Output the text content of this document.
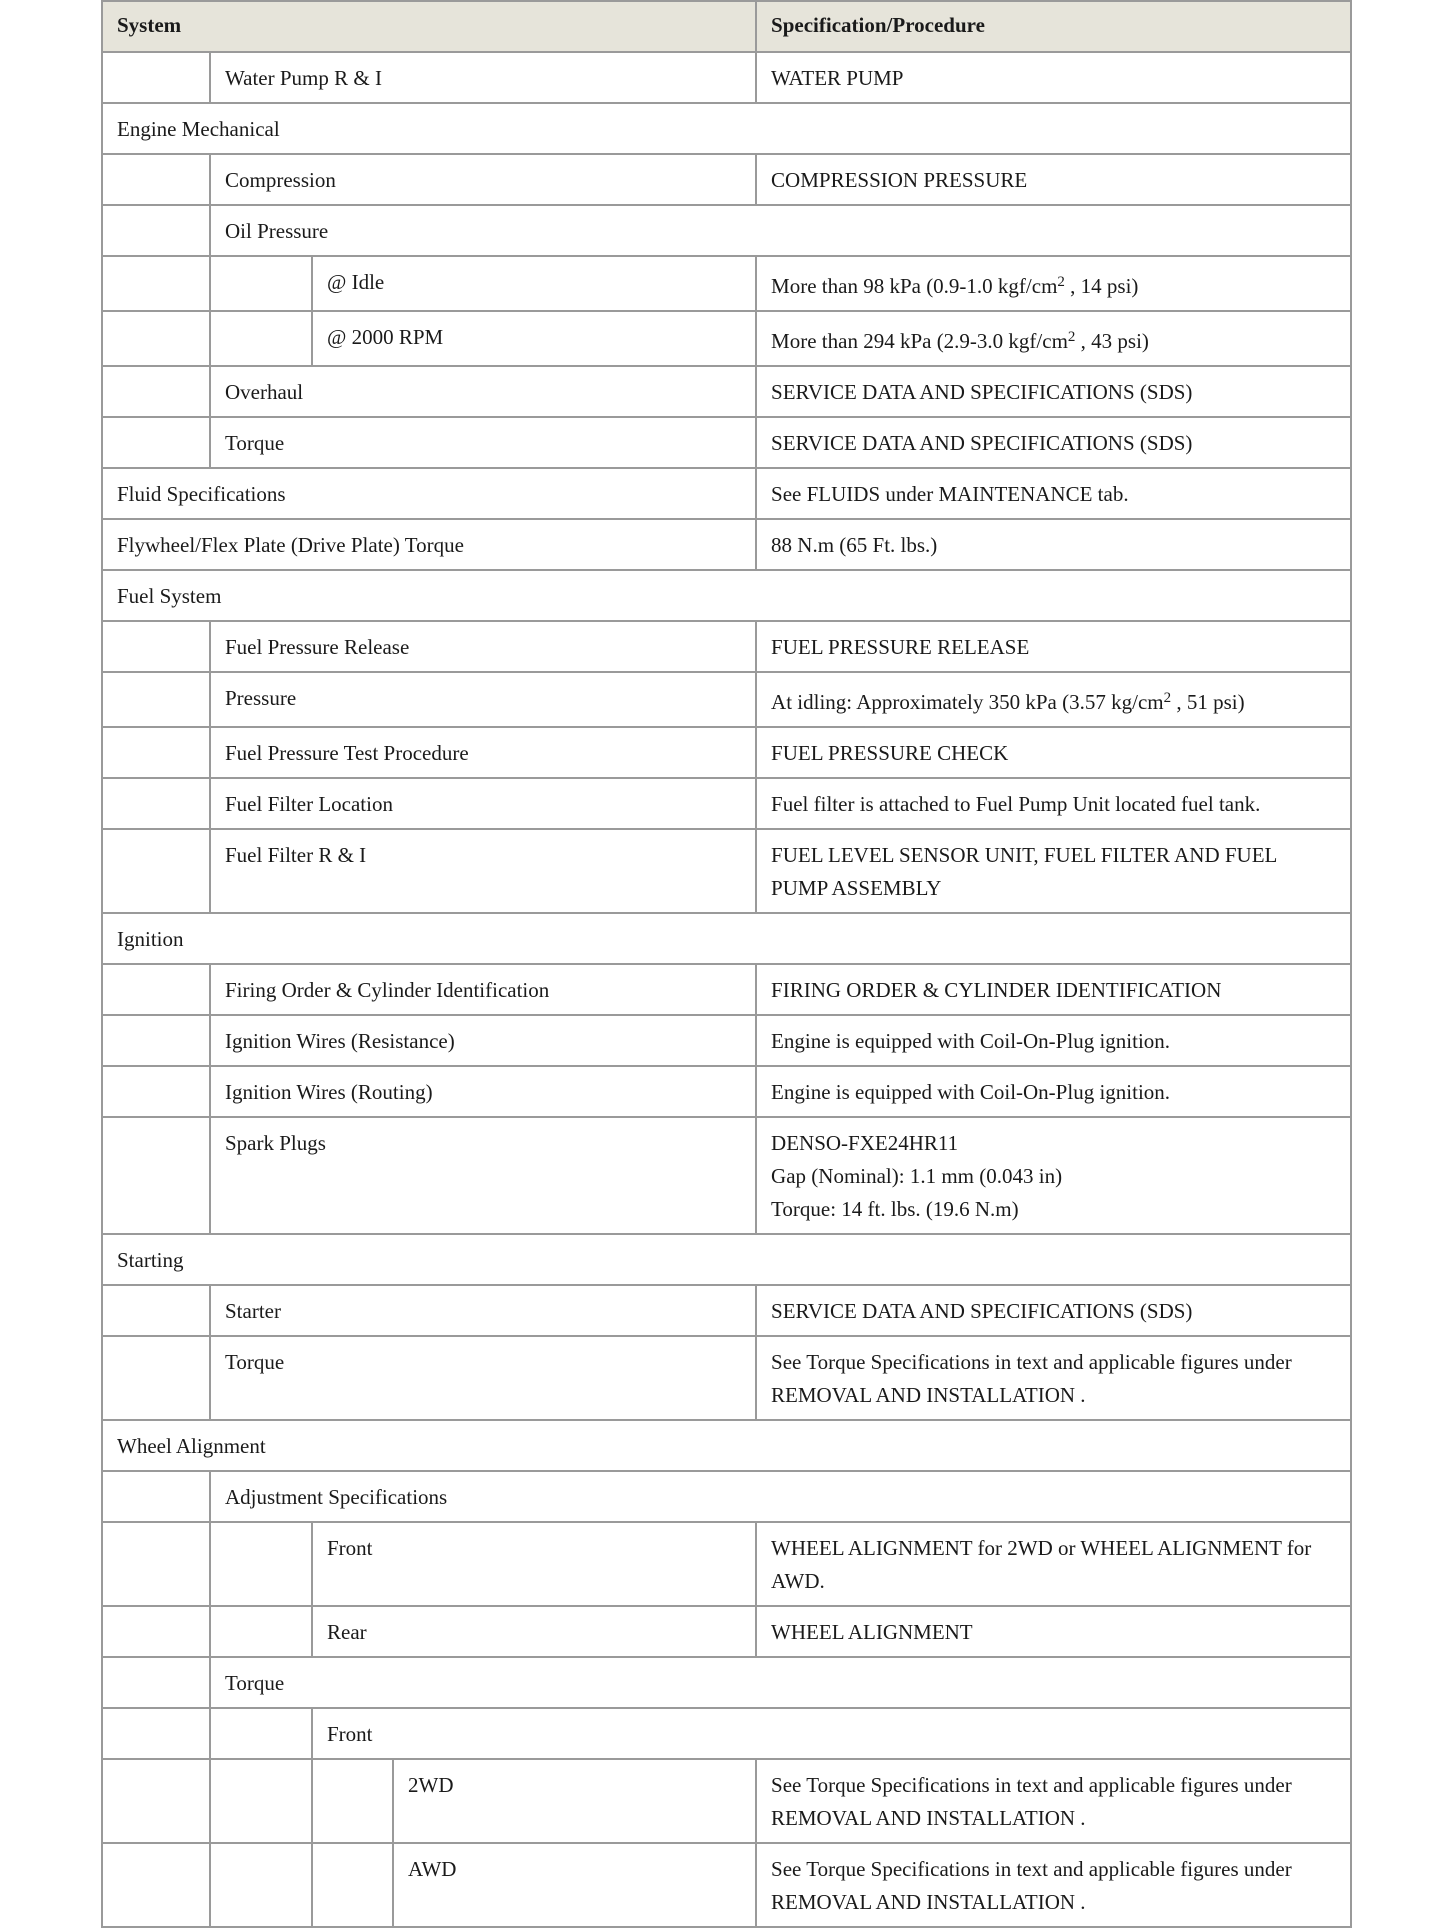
System				Specification/Procedure
	Water Pump R & I			WATER PUMP
Engine Mechanical				
	Compression			COMPRESSION PRESSURE
	Oil Pressure			
		@ Idle		More than 98 kPa (0.9-1.0 kgf/$cm^2$ , 14 psi)
		@ 2000 RPM		More than 294 kPa (2.9-3.0 kgf/$cm^2$ , 43 psi)
	Overhaul			SERVICE DATA AND SPECIFICATIONS (SDS)
	Torque			SERVICE DATA AND SPECIFICATIONS (SDS)
Fluid Specifications				See FLUIDS under MAINTENANCE tab.
Flywheel/Flex Plate (Drive Plate) Torque				88 N.m (65 Ft. lbs.)
Fuel System				
	Fuel Pressure Release			FUEL PRESSURE RELEASE
	Pressure			At idling: Approximately 350 kPa (3.57 $kg/cm^2$ , 51 psi)
	Fuel Pressure Test Procedure			FUEL PRESSURE CHECK
	Fuel Filter Location			Fuel filter is attached to Fuel Pump Unit located fuel tank.
	Fuel Filter R & I			FUEL LEVEL SENSOR UNIT, FUEL FILTER AND FUEL PUMP ASSEMBLY
Ignition				
	Firing Order & Cylinder Identification			FIRING ORDER & CYLINDER IDENTIFICATION
	Ignition Wires (Resistance)			Engine is equipped with Coil-On-Plug ignition.
	Ignition Wires (Routing)			Engine is equipped with Coil-On-Plug ignition.
	Spark Plugs			DENSO-FXE24HR11
Gap (Nominal): 1.1 mm (0.043 in)
Torque: 14 ft. lbs. (19.6 N.m)

Starting				
	Starter			SERVICE DATA AND SPECIFICATIONS (SDS)
	Torque			See Torque Specifications in text and applicable figures under REMOVAL AND INSTALLATION .
Wheel Alignment				
	Adjustment Specifications			
		Front		WHEEL ALIGNMENT for 2WD or WHEEL ALIGNMENT for AWD.
		Rear		WHEEL ALIGNMENT
	Torque			
		Front		
			2WD	See Torque Specifications in text and applicable figures under REMOVAL AND INSTALLATION .
			AWD	See Torque Specifications in text and applicable figures under REMOVAL AND INSTALLATION .
